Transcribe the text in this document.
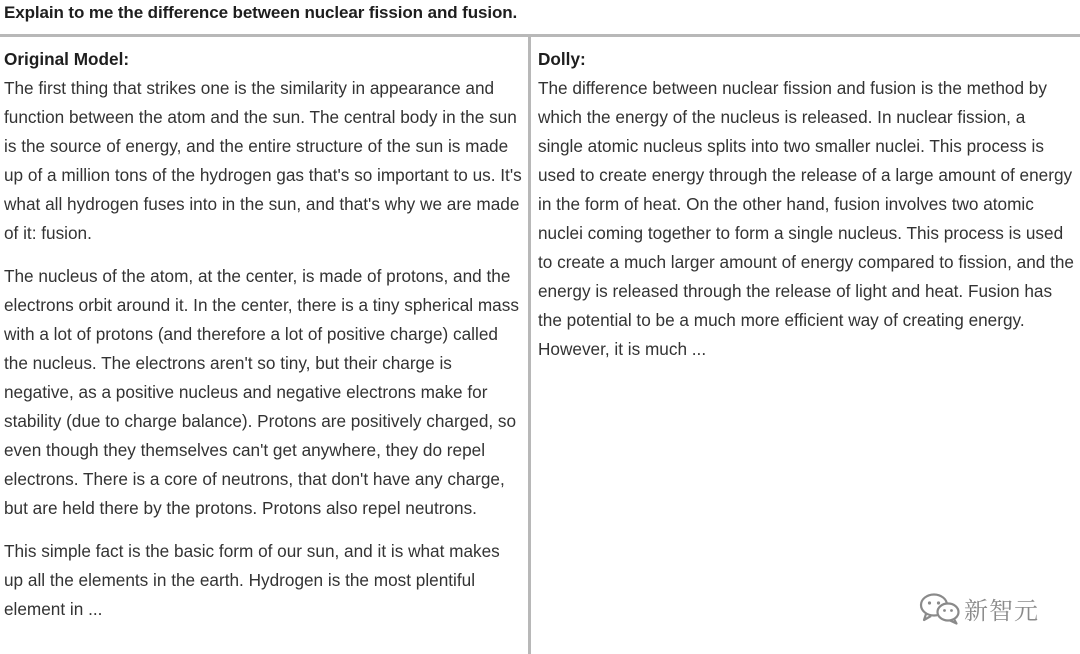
Explain to me the difference between nuclear fission and fusion.
Original Model:

The first thing that strikes one is the similarity in appearance and function between the atom and the sun. The central body in the sun is the source of energy, and the entire structure of the sun is made up of a million tons of the hydrogen gas that's so important to us. It's what all hydrogen fuses into in the sun, and that's why we are made of it: fusion.

The nucleus of the atom, at the center, is made of protons, and the electrons orbit around it. In the center, there is a tiny spherical mass with a lot of protons (and therefore a lot of positive charge) called the nucleus. The electrons aren't so tiny, but their charge is negative, as a positive nucleus and negative electrons make for stability (due to charge balance). Protons are positively charged, so even though they themselves can't get anywhere, they do repel electrons. There is a core of neutrons, that don't have any charge, but are held there by the protons. Protons also repel neutrons.

This simple fact is the basic form of our sun, and it is what makes up all the elements in the earth. Hydrogen is the most plentiful element in ...

Dolly:

The difference between nuclear fission and fusion is the method by which the energy of the nucleus is released. In nuclear fission, a single atomic nucleus splits into two smaller nuclei. This process is used to create energy through the release of a large amount of energy in the form of heat. On the other hand, fusion involves two atomic nuclei coming together to form a single nucleus. This process is used to create a much larger amount of energy compared to fission, and the energy is released through the release of light and heat. Fusion has the potential to be a much more efficient way of creating energy. However, it is much ...

新智元
